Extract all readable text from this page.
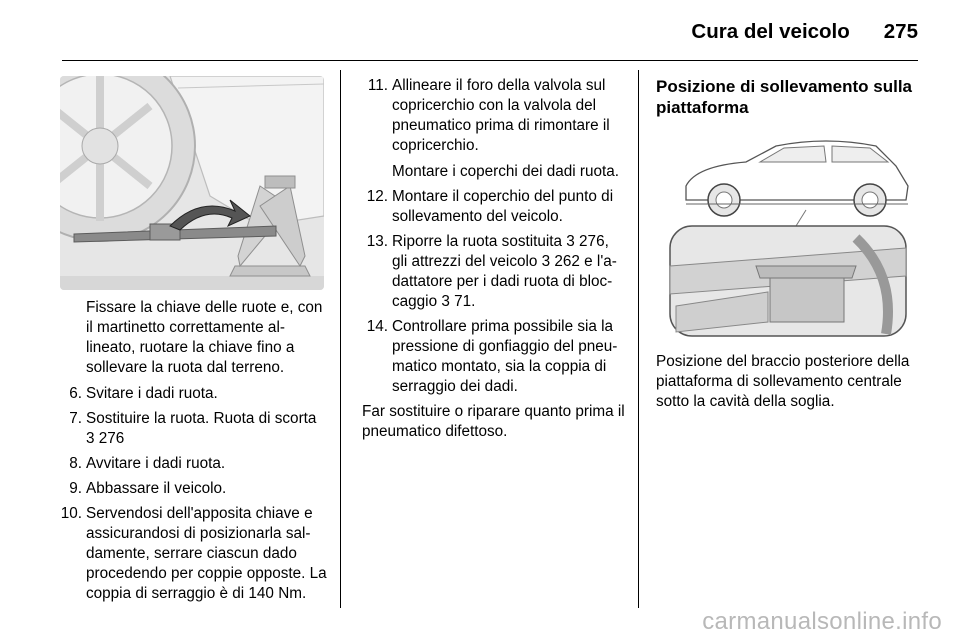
Cura del veicolo 275

Fissare la chiave delle ruote e, con il martinetto correttamente al-lineato, ruotare la chiave fino a sollevare la ruota dal terreno.

6. Svitare i dadi ruota.
7. Sostituire la ruota. Ruota di scorta
3 276
8. Avvitare i dadi ruota.
9. Abbassare il veicolo.
10. Servendosi dell'apposita chiave e assicurandosi di posizionarla sal-damente, serrare ciascun dado procedendo per coppie opposte. La coppia di serraggio è di 140 Nm.
11. Allineare il foro della valvola sul copricerchio con la valvola del pneumatico prima di rimontare il copricerchio.

Montare i coperchi dei dadi ruota.
12. Montare il coperchio del punto di sollevamento del veicolo.
13. Riporre la ruota sostituita 3 276, gli attrezzi del veicolo 3 262 e l'a-dattatore per i dadi ruota di bloc-caggio 3 71.
14. Controllare prima possibile sia la pressione di gonfiaggio del pneu-matico montato, sia la coppia di serraggio dei dadi.

Far sostituire o riparare quanto prima il pneumatico difettoso.

Posizione di sollevamento sulla piattaforma

Posizione del braccio posteriore della piattaforma di sollevamento centrale sotto la cavità della soglia.

carmanualsonline.info
